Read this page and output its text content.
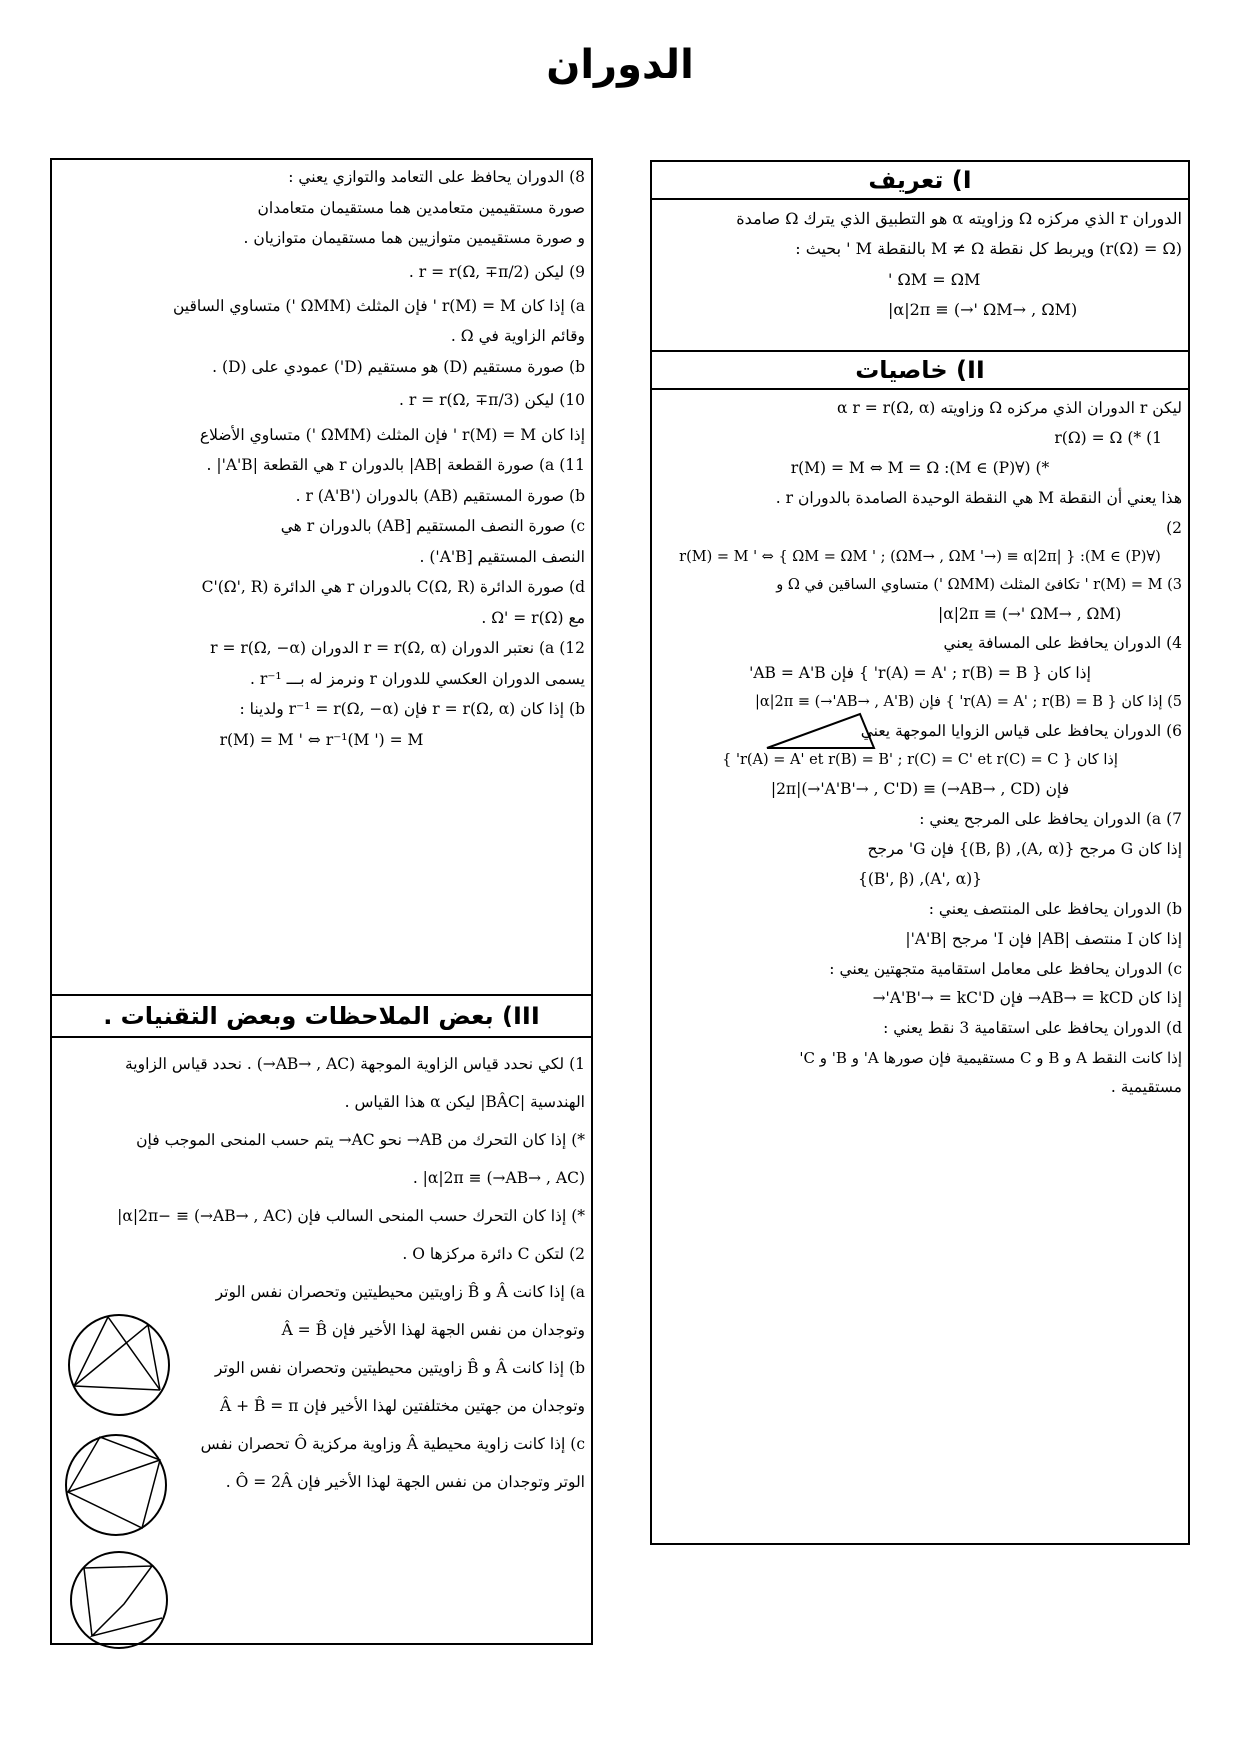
الدوران
I) تعريف

الدوران r الذي مركزه Ω وزاويته α هو التطبيق الذي يترك Ω صامدة

(r(Ω) = Ω) ويربط كل نقطة M ≠ Ω بالنقطة M ' بحيث :

ΩM = ΩM '

(ΩM→ , ΩM '→) ≡ α|2π|

II) خاصيات

ليكن r الدوران الذي مركزه Ω وزاويته α r = r(Ω, α)

1) *) r(Ω) = Ω

*) (∀M ∈ (P)): r(M) = M ⇔ M = Ω

هذا يعني أن النقطة M هي النقطة الوحيدة الصامدة بالدوران r .

2)

(∀M ∈ (P)): r(M) = M ' ⇔ { ΩM = ΩM ' ; (ΩM→ , ΩM '→) ≡ α|2π| }

3) r(M) = M ' تكافئ المثلث (ΩMM ') متساوي الساقين في Ω و

(ΩM→ , ΩM '→) ≡ α|2π|

4) الدوران يحافظ على المسافة يعني

إذا كان { r(A) = A' ; r(B) = B' } فإن AB = A'B'

5) إذا كان { r(A) = A' ; r(B) = B' } فإن (AB→ , A'B'→) ≡ α|2π|

6) الدوران يحافظ على قياس الزوايا الموجهة يعني

إذا كان { r(A) = A' et r(B) = B' ; r(C) = C' et r(C) = C' }

فإن (AB→ , CD→) ≡ (A'B'→ , C'D'→)|2π|

7) a) الدوران يحافظ على المرجح يعني :

إذا كان G مرجح {(A, α), (B, β)} فإن G' مرجح

{(A', α), (B', β)}

b) الدوران يحافظ على المنتصف يعني :

إذا كان I منتصف |AB| فإن I' مرجح |A'B'|

c) الدوران يحافظ على معامل استقامية متجهتين يعني :

إذا كان AB→ = kCD→ فإن A'B'→ = kC'D'→

d) الدوران يحافظ على استقامية 3 نقط يعني :

إذا كانت النقط A و B و C مستقيمية فإن صورها A' و B' و C'

مستقيمية .

8) الدوران يحافظ على التعامد والتوازي يعني :

صورة مستقيمين متعامدين هما مستقيمان متعامدان

و صورة مستقيمين متوازيين هما مستقيمان متوازيان .

9) ليكن r = r(Ω, ∓π/2) .

a) إذا كان r(M) = M ' فإن المثلث (ΩMM ') متساوي الساقين

وقائم الزاوية في Ω .

b) صورة مستقيم (D) هو مستقيم (D') عمودي على (D) .

10) ليكن r = r(Ω, ∓π/3) .

إذا كان r(M) = M ' فإن المثلث (ΩMM ') متساوي الأضلاع

11) a) صورة القطعة |AB| بالدوران r هي القطعة |A'B'| .

b) صورة المستقيم (AB) بالدوران r (A'B') .

c) صورة النصف المستقيم [AB) بالدوران r هي

النصف المستقيم [A'B') .

d) صورة الدائرة C(Ω, R) بالدوران r هي الدائرة C'(Ω', R)

مع Ω' = r(Ω) .

12) a) نعتبر الدوران r = r(Ω, α) الدوران r = r(Ω, −α)

يسمى الدوران العكسي للدوران r ونرمز له بـــ r⁻¹ .

b) إذا كان r = r(Ω, α) فإن r⁻¹ = r(Ω, −α) ولدينا :

r(M) = M ' ⇔ r⁻¹(M ') = M

III) بعض الملاحظات وبعض التقنيات .

1) لكي نحدد قياس الزاوية الموجهة (AB→ , AC→) . نحدد قياس الزاوية

الهندسية |BÂC| ليكن α هذا القياس .

*) إذا كان التحرك من AB→ نحو AC→ يتم حسب المنحى الموجب فإن

(AB→ , AC→) ≡ α|2π| .

*) إذا كان التحرك حسب المنحى السالب فإن (AB→ , AC→) ≡ −α|2π|

2) لتكن C دائرة مركزها O .

a) إذا كانت Â و B̂ زاويتين محيطيتين وتحصران نفس الوتر

وتوجدان من نفس الجهة لهذا الأخير فإن Â = B̂

b) إذا كانت Â و B̂ زاويتين محيطيتين وتحصران نفس الوتر

وتوجدان من جهتين مختلفتين لهذا الأخير فإن Â + B̂ = π

c) إذا كانت زاوية محيطية Â وزاوية مركزية Ô تحصران نفس

الوتر وتوجدان من نفس الجهة لهذا الأخير فإن Ô = 2Â .
